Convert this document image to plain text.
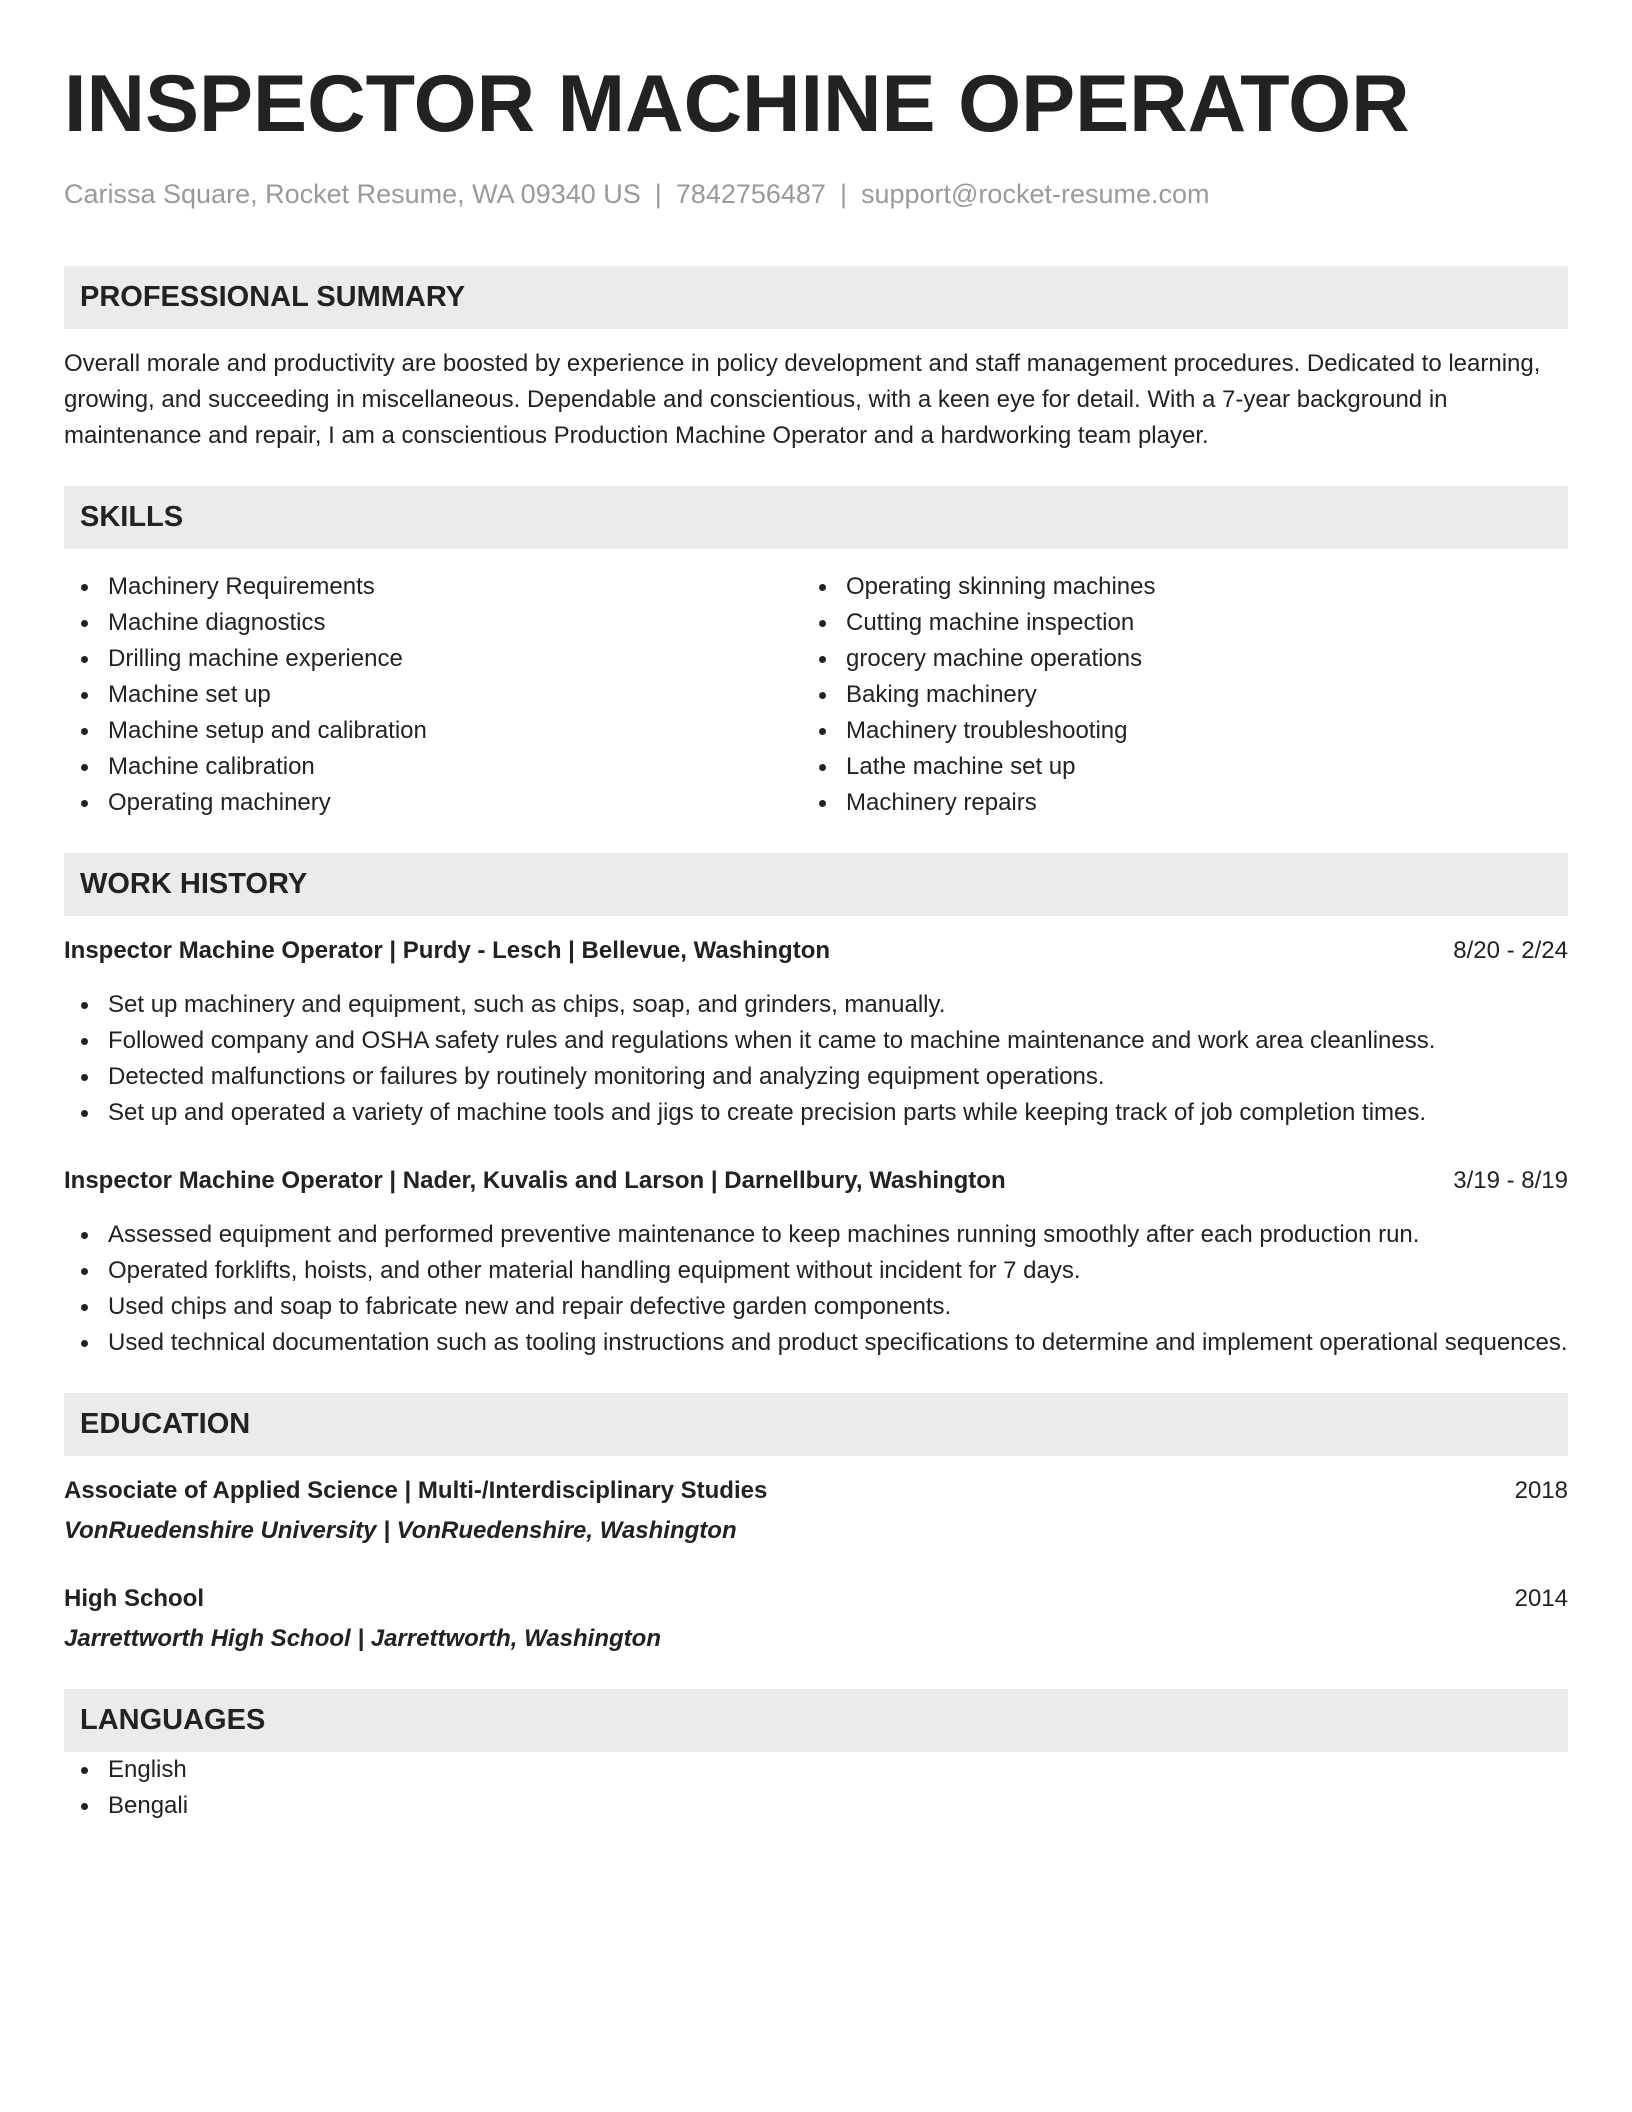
INSPECTOR MACHINE OPERATOR
Carissa Square, Rocket Resume, WA 09340 US | 7842756487 | support@rocket-resume.com
PROFESSIONAL SUMMARY
Overall morale and productivity are boosted by experience in policy development and staff management procedures. Dedicated to learning, growing, and succeeding in miscellaneous. Dependable and conscientious, with a keen eye for detail. With a 7-year background in maintenance and repair, I am a conscientious Production Machine Operator and a hardworking team player.
SKILLS
Machinery Requirements
Machine diagnostics
Drilling machine experience
Machine set up
Machine setup and calibration
Machine calibration
Operating machinery
Operating skinning machines
Cutting machine inspection
grocery machine operations
Baking machinery
Machinery troubleshooting
Lathe machine set up
Machinery repairs
WORK HISTORY
Inspector Machine Operator | Purdy - Lesch | Bellevue, Washington	8/20 - 2/24
Set up machinery and equipment, such as chips, soap, and grinders, manually.
Followed company and OSHA safety rules and regulations when it came to machine maintenance and work area cleanliness.
Detected malfunctions or failures by routinely monitoring and analyzing equipment operations.
Set up and operated a variety of machine tools and jigs to create precision parts while keeping track of job completion times.
Inspector Machine Operator | Nader, Kuvalis and Larson | Darnellbury, Washington	3/19 - 8/19
Assessed equipment and performed preventive maintenance to keep machines running smoothly after each production run.
Operated forklifts, hoists, and other material handling equipment without incident for 7 days.
Used chips and soap to fabricate new and repair defective garden components.
Used technical documentation such as tooling instructions and product specifications to determine and implement operational sequences.
EDUCATION
Associate of Applied Science | Multi-/Interdisciplinary Studies	2018
VonRuedenshire University | VonRuedenshire, Washington
High School	2014
Jarrettworth High School | Jarrettworth, Washington
LANGUAGES
English
Bengali
